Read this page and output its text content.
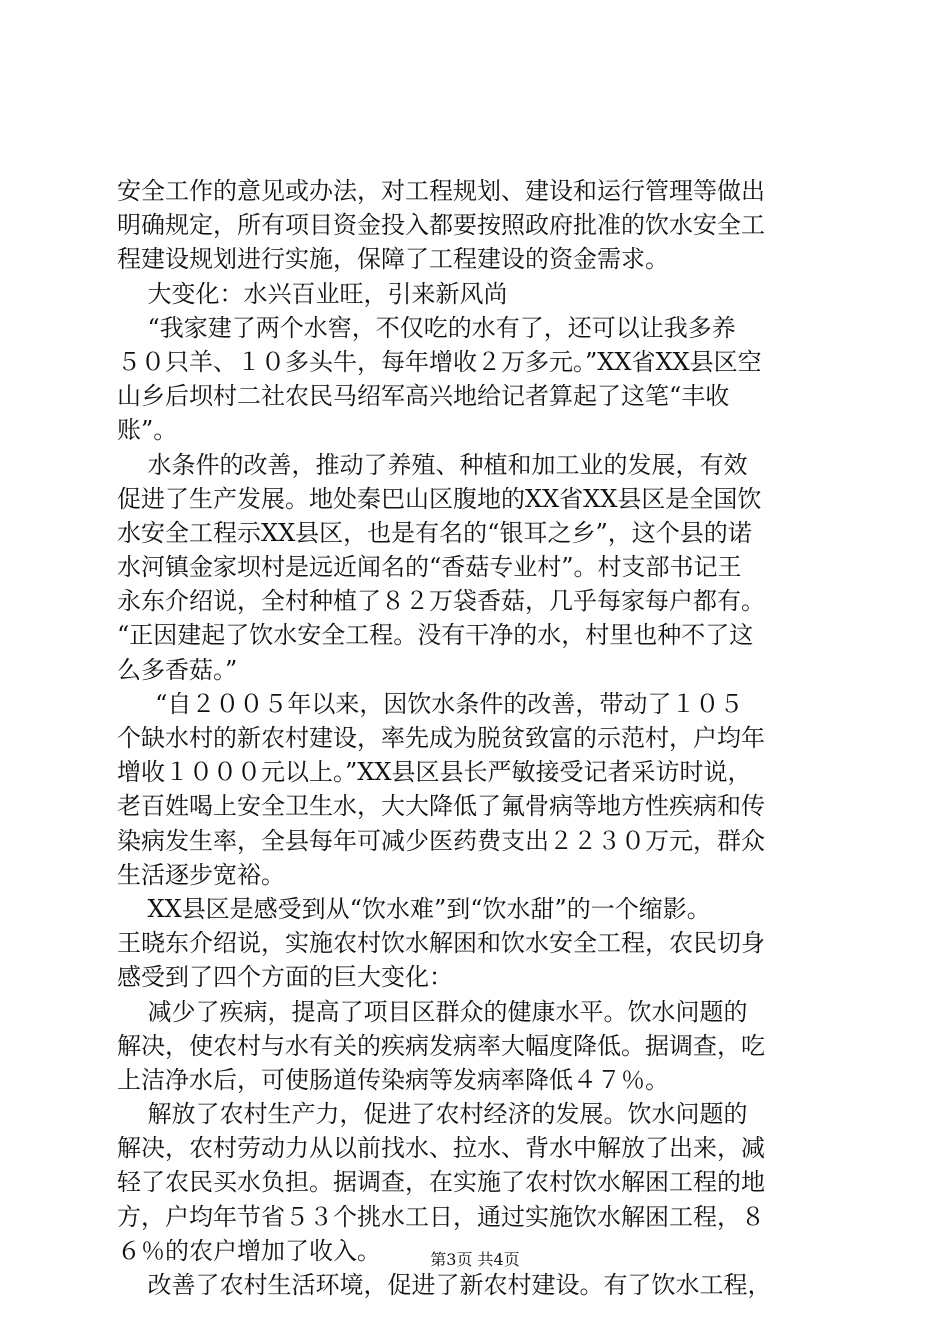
安全工作的意见或办法，对工程规划、建设和运行管理等做出
明确规定，所有项目资金投入都要按照政府批准的饮水安全工
程建设规划进行实施，保障了工程建设的资金需求。
大变化：水兴百业旺，引来新风尚
“我家建了两个水窖，不仅吃的水有了，还可以让我多养
５０只羊、１０多头牛，每年增收２万多元。”XX省XX县区空
山乡后坝村二社农民马绍军高兴地给记者算起了这笔“丰收
账”。
水条件的改善，推动了养殖、种植和加工业的发展，有效
促进了生产发展。地处秦巴山区腹地的XX省XX县区是全国饮
水安全工程示XX县区，也是有名的“银耳之乡”，这个县的诺
水河镇金家坝村是远近闻名的“香菇专业村”。村支部书记王
永东介绍说，全村种植了８２万袋香菇，几乎每家每户都有。
“正因建起了饮水安全工程。没有干净的水，村里也种不了这
么多香菇。”
“自２００５年以来，因饮水条件的改善，带动了１０５
个缺水村的新农村建设，率先成为脱贫致富的示范村，户均年
增收１０００元以上。”XX县区县长严敏接受记者采访时说，
老百姓喝上安全卫生水，大大降低了氟骨病等地方性疾病和传
染病发生率，全县每年可减少医药费支出２２３０万元，群众
生活逐步宽裕。
XX县区是感受到从“饮水难”到“饮水甜”的一个缩影。
王晓东介绍说，实施农村饮水解困和饮水安全工程，农民切身
感受到了四个方面的巨大变化：
减少了疾病，提高了项目区群众的健康水平。饮水问题的
解决，使农村与水有关的疾病发病率大幅度降低。据调查，吃
上洁净水后，可使肠道传染病等发病率降低４７％。
解放了农村生产力，促进了农村经济的发展。饮水问题的
解决，农村劳动力从以前找水、拉水、背水中解放了出来，减
轻了农民买水负担。据调查，在实施了农村饮水解困工程的地
方，户均年节省５３个挑水工日，通过实施饮水解困工程，８
６％的农户增加了收入。
改善了农村生活环境，促进了新农村建设。有了饮水工程，
第3页 共4页
